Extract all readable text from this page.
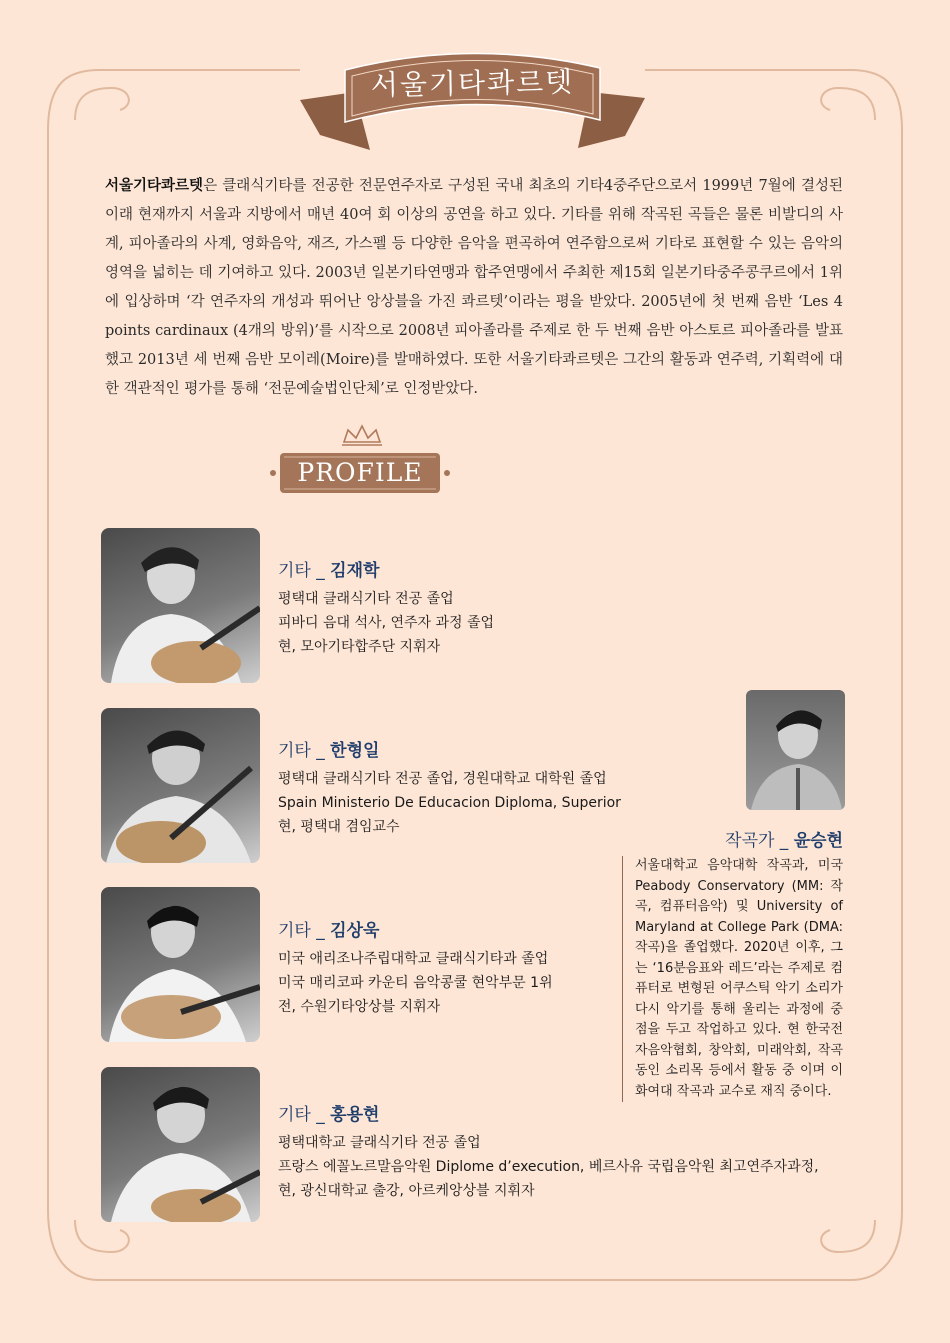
서울기타콰르텟
서울기타콰르텟은 클래식기타를 전공한 전문연주자로 구성된 국내 최초의 기타4중주단으로서 1999년 7월에 결성된 이래 현재까지 서울과 지방에서 매년 40여 회 이상의 공연을 하고 있다. 기타를 위해 작곡된 곡들은 물론 비발디의 사계, 피아졸라의 사계, 영화음악, 재즈, 가스펠 등 다양한 음악을 편곡하여 연주함으로써 기타로 표현할 수 있는 음악의 영역을 넓히는 데 기여하고 있다. 2003년 일본기타연맹과 합주연맹에서 주최한 제15회 일본기타중주콩쿠르에서 1위에 입상하며 ‘각 연주자의 개성과 뛰어난 앙상블을 가진 콰르텟’이라는 평을 받았다. 2005년에 첫 번째 음반 ‘Les 4 points cardinaux (4개의 방위)’를 시작으로 2008년 피아졸라를 주제로 한 두 번째 음반 아스토르 피아졸라를 발표했고 2013년 세 번째 음반 모이레(Moire)를 발매하였다. 또한 서울기타콰르텟은 그간의 활동과 연주력, 기획력에 대한 객관적인 평가를 통해 ‘전문예술법인단체’로 인정받았다.
PROFILE
기타 _ 김재학
평택대 클래식기타 전공 졸업
피바디 음대 석사, 연주자 과정 졸업
현, 모아기타합주단 지휘자
기타 _ 한형일
평택대 클래식기타 전공 졸업, 경원대학교 대학원 졸업
Spain Ministerio De Educacion Diploma, Superior
현, 평택대 겸임교수
기타 _ 김상욱
미국 애리조나주립대학교 클래식기타과 졸업
미국 매리코파 카운티 음악콩쿨 현악부문 1위
전, 수원기타앙상블 지휘자
기타 _ 홍용현
평택대학교 클래식기타 전공 졸업
프랑스 에꼴노르말음악원 Diplome d’execution, 베르사유 국립음악원 최고연주자과정,
현, 광신대학교 출강, 아르케앙상블 지휘자
작곡가 _ 윤승현
서울대학교 음악대학 작곡과, 미국 Peabody Conservatory (MM: 작곡, 컴퓨터음악) 및 University of Maryland at College Park (DMA: 작곡)을 졸업했다. 2020년 이후, 그는 ‘16분음표와 레드’라는 주제로 컴퓨터로 변형된 어쿠스틱 악기 소리가 다시 악기를 통해 울리는 과정에 중점을 두고 작업하고 있다. 현 한국전자음악협회, 창악회, 미래악회, 작곡동인 소리목 등에서 활동 중 이며 이화여대 작곡과 교수로 재직 중이다.
